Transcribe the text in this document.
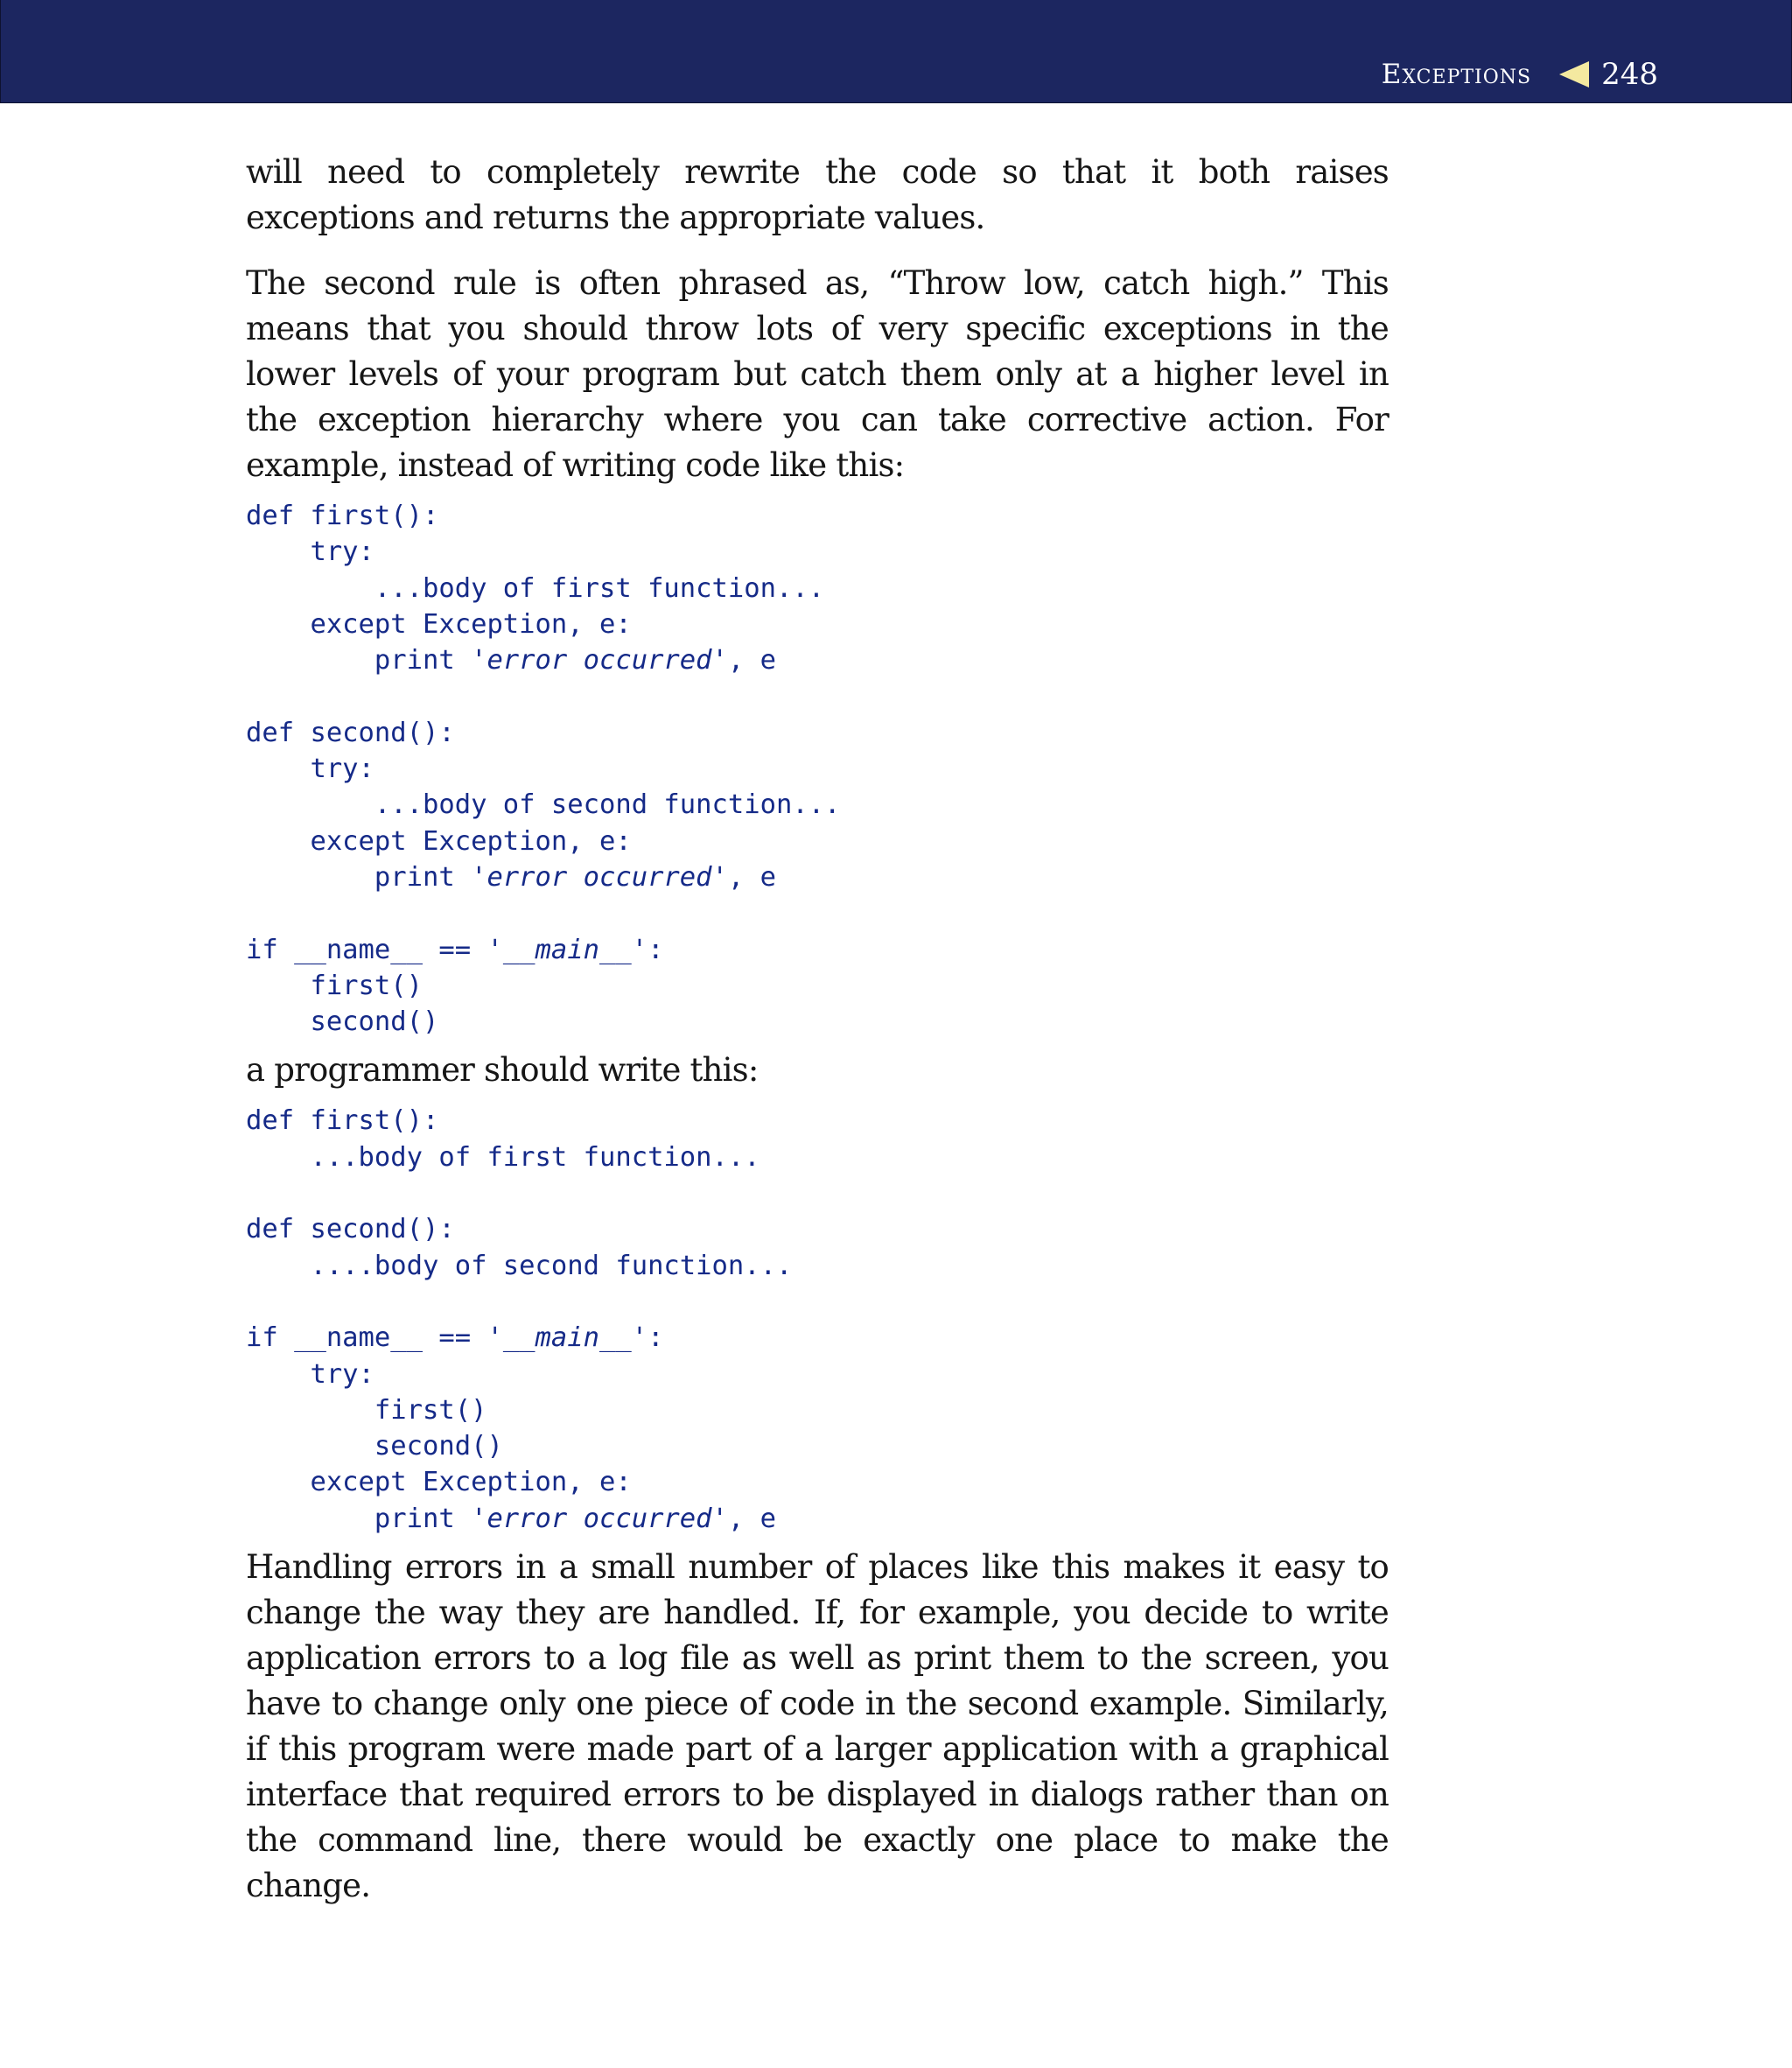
Exceptions 248

will need to completely rewrite the code so that it both raises exceptions and returns the appropriate values.

The second rule is often phrased as, “Throw low, catch high.” This means that you should throw lots of very specific exceptions in the lower levels of your program but catch them only at a higher level in the exception hierarchy where you can take corrective action. For example, instead of writing code like this:

def first():
try:
...body of first function...
except Exception, e:
print 'error occurred', e

def second():
try:
...body of second function...
except Exception, e:
print 'error occurred', e

if __name__ == '__main__':
first()
second()

a programmer should write this:

def first():
...body of first function...

def second():
....body of second function...

if __name__ == '__main__':
try:
first()
second()
except Exception, e:
print 'error occurred', e

Handling errors in a small number of places like this makes it easy to change the way they are handled. If, for example, you decide to write application errors to a log file as well as print them to the screen, you have to change only one piece of code in the second example. Similarly, if this program were made part of a larger application with a graphical interface that required errors to be displayed in dialogs rather than on the command line, there would be exactly one place to make the change.
